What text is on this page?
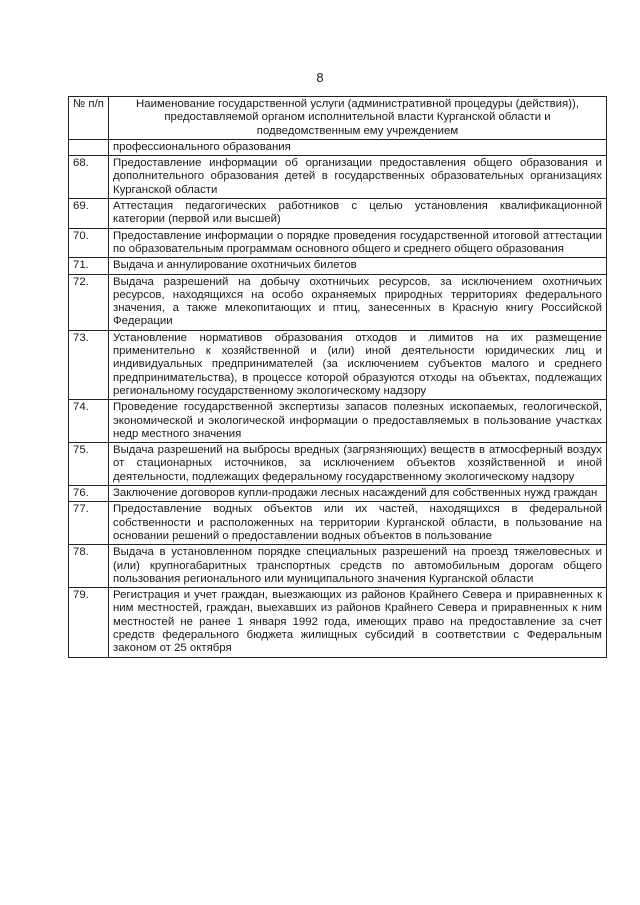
8
№ п/п	Наименование государственной услуги (административной процедуры (действия)), предоставляемой органом исполнительной власти Курганской области и подведомственным ему учреждением
	профессионального образования
68.	Предоставление информации об организации предоставления общего образования и дополнительного образования детей в государственных образовательных организациях Курганской области
69.	Аттестация педагогических работников с целью установления квалификационной категории (первой или высшей)
70.	Предоставление информации о порядке проведения государственной итоговой аттестации по образовательным программам основного общего и среднего общего образования
71.	Выдача и аннулирование охотничьих билетов
72.	Выдача разрешений на добычу охотничьих ресурсов, за исключением охотничьих ресурсов, находящихся на особо охраняемых природных территориях федерального значения, а также млекопитающих и птиц, занесенных в Красную книгу Российской Федерации
73.	Установление нормативов образования отходов и лимитов на их размещение применительно к хозяйственной и (или) иной деятельности юридических лиц и индивидуальных предпринимателей (за исключением субъектов малого и среднего предпринимательства), в процессе которой образуются отходы на объектах, подлежащих региональному государственному экологическому надзору
74.	Проведение государственной экспертизы запасов полезных ископаемых, геологической, экономической и экологической информации о предоставляемых в пользование участках недр местного значения
75.	Выдача разрешений на выбросы вредных (загрязняющих) веществ в атмосферный воздух от стационарных источников, за исключением объектов хозяйственной и иной деятельности, подлежащих федеральному государственному экологическому надзору
76.	Заключение договоров купли-продажи лесных насаждений для собственных нужд граждан
77.	Предоставление водных объектов или их частей, находящихся в федеральной собственности и расположенных на территории Курганской области, в пользование на основании решений о предоставлении водных объектов в пользование
78.	Выдача в установленном порядке специальных разрешений на проезд тяжеловесных и (или) крупногабаритных транспортных средств по автомобильным дорогам общего пользования регионального или муниципального значения Курганской области
79.	Регистрация и учет граждан, выезжающих из районов Крайнего Севера и приравненных к ним местностей, граждан, выехавших из районов Крайнего Севера и приравненных к ним местностей не ранее 1 января 1992 года, имеющих право на предоставление за счет средств федерального бюджета жилищных субсидий в соответствии с Федеральным законом от 25 октября
